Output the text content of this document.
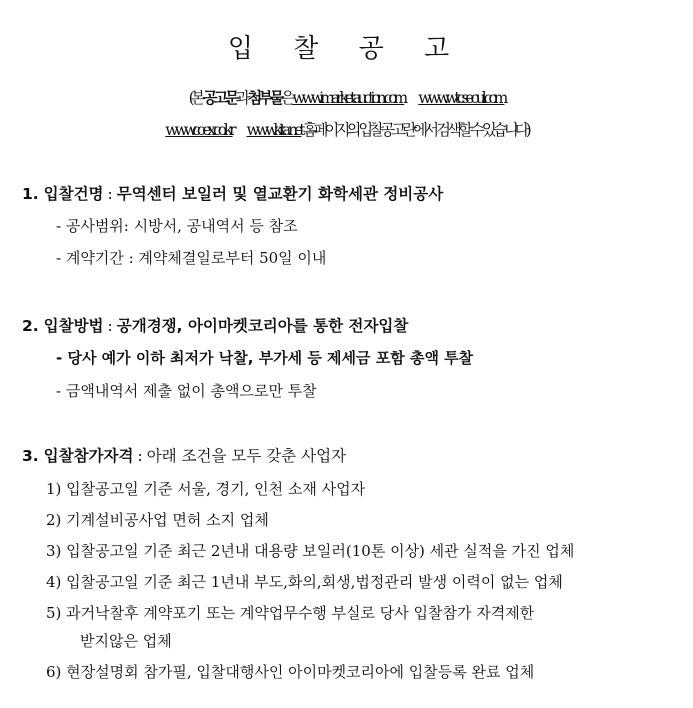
입 찰 공 고
(본 공고문과 첨부물은 www.imarketauction.com www.wtcseoul.com
www.coex.co.kr www.kita.net 홈페이지의 입찰공고란에서 검색할 수 있습니다)
1. 입찰건명 : 무역센터 보일러 및 열교환기 화학세관 정비공사
- 공사범위: 시방서, 공내역서 등 참조
- 계약기간 : 계약체결일로부터 50일 이내
2. 입찰방법 : 공개경쟁, 아이마켓코리아를 통한 전자입찰
- 당사 예가 이하 최저가 낙찰, 부가세 등 제세금 포함 총액 투찰
- 금액내역서 제출 없이 총액으로만 투찰
3. 입찰참가자격 : 아래 조건을 모두 갖춘 사업자
1) 입찰공고일 기준 서울, 경기, 인천 소재 사업자
2) 기계설비공사업 면허 소지 업체
3) 입찰공고일 기준 최근 2년내 대용량 보일러(10톤 이상) 세관 실적을 가진 업체
4) 입찰공고일 기준 최근 1년내 부도,화의,회생,법정관리 발생 이력이 없는 업체
5) 과거낙찰후 계약포기 또는 계약업무수행 부실로 당사 입찰참가 자격제한
받지않은 업체
6) 현장설명회 참가필, 입찰대행사인 아이마켓코리아에 입찰등록 완료 업체
